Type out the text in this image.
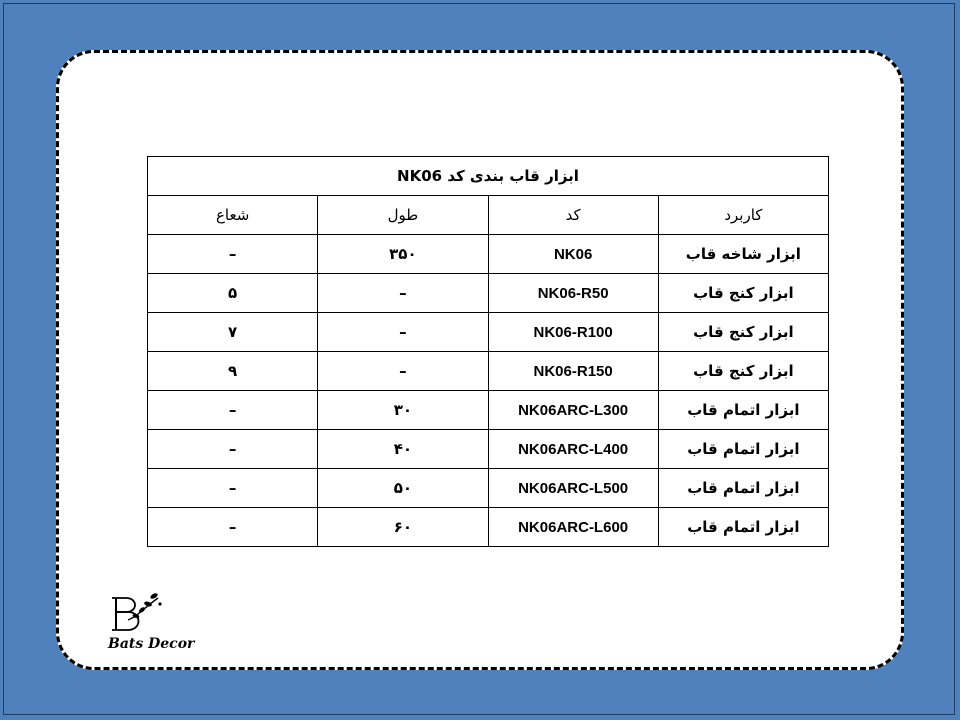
ابزار قاب بندی کد NK06			
کاربرد	کد	طول	شعاع
ابزار شاخه قاب	NK06	۳۵۰	–
ابزار کنج قاب	NK06-R50	–	۵
ابزار کنج قاب	NK06-R100	–	۷
ابزار کنج قاب	NK06-R150	–	۹
ابزار اتمام قاب	NK06ARC-L300	۳۰	–
ابزار اتمام قاب	NK06ARC-L400	۴۰	–
ابزار اتمام قاب	NK06ARC-L500	۵۰	–
ابزار اتمام قاب	NK06ARC-L600	۶۰	–
Bats Decor
